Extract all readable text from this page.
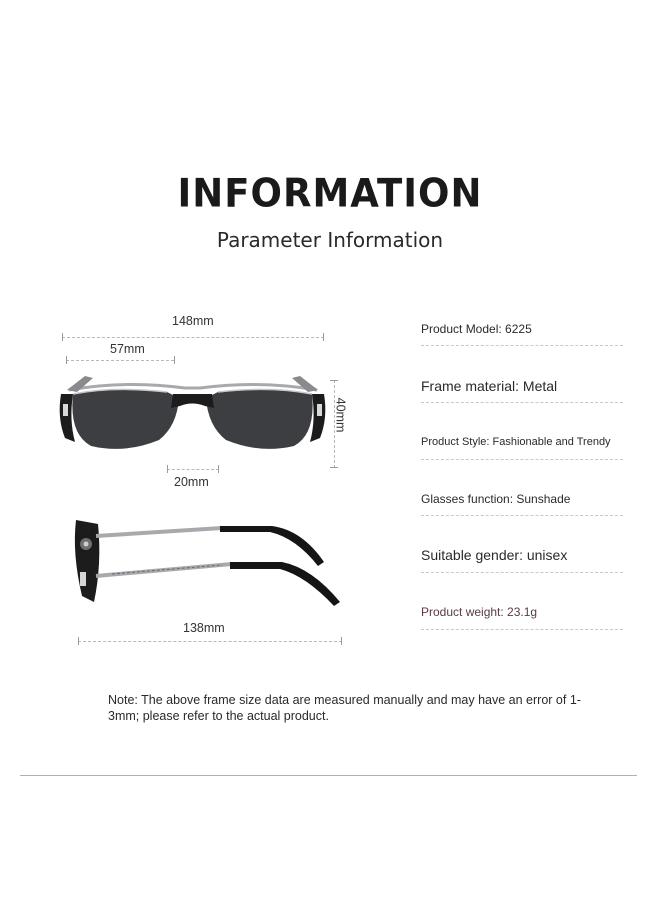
INFORMATION
Parameter Information
148mm
57mm
40mm
20mm
138mm
Product Model: 6225
Frame material: Metal
Product Style: Fashionable and Trendy
Glasses function: Sunshade
Suitable gender: unisex
Product weight: 23.1g
Note: The above frame size data are measured manually and may have an error of 1-3mm; please refer to the actual product.
